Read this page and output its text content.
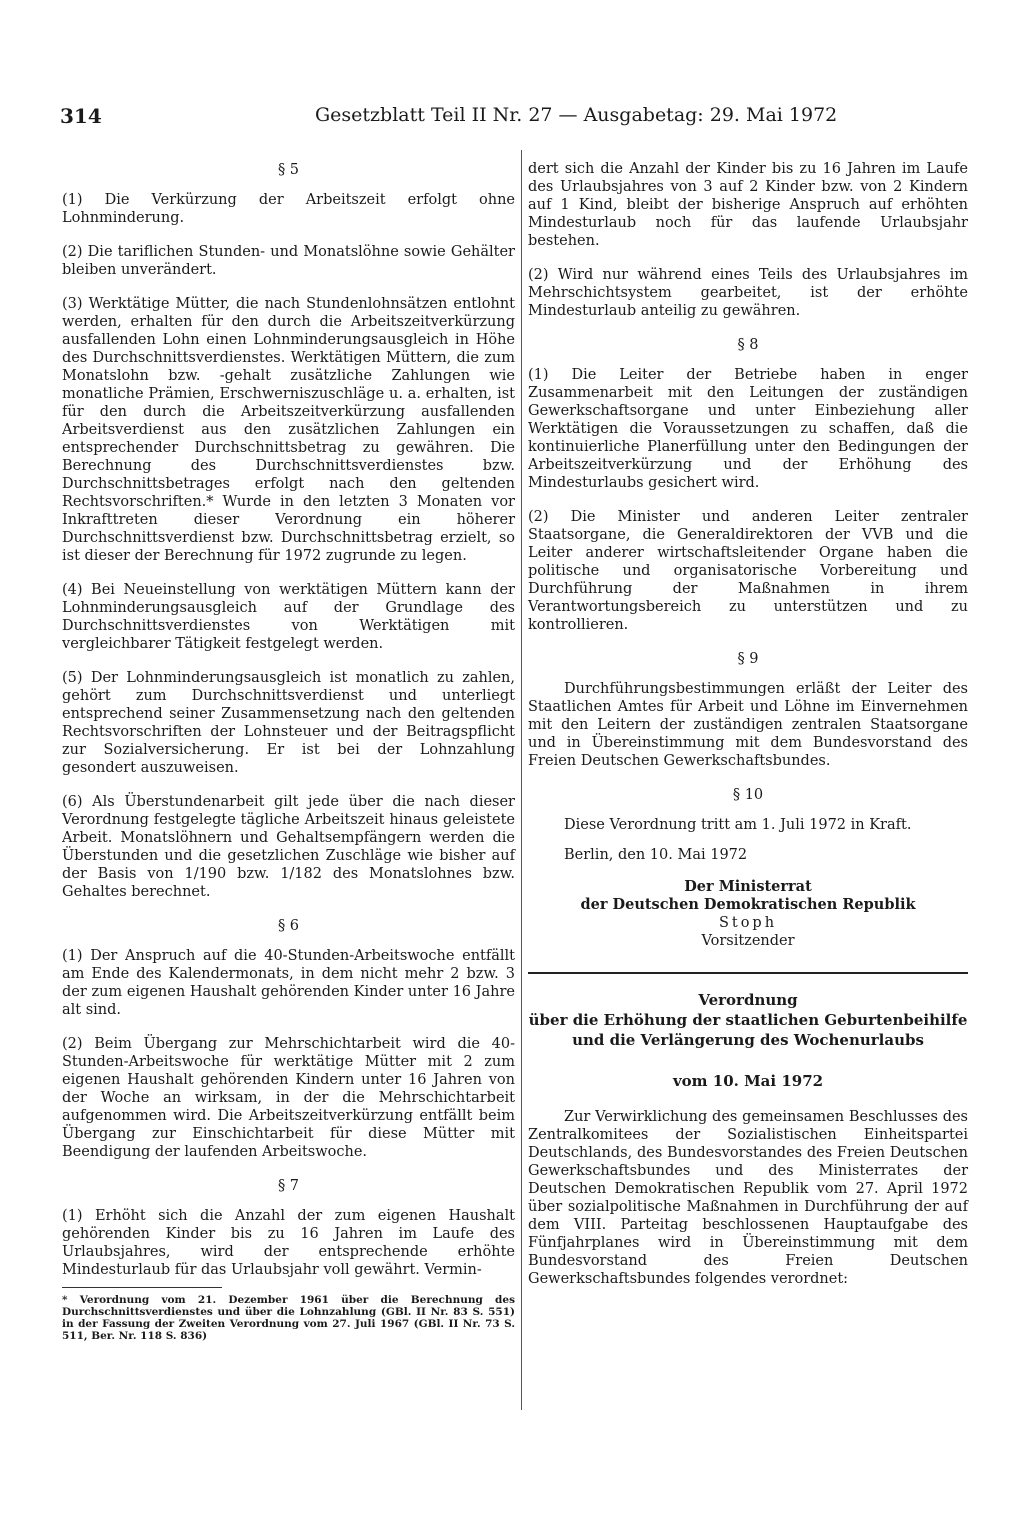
314	Gesetzblatt Teil II Nr. 27 — Ausgabetag: 29. Mai 1972
§ 5

(1) Die Verkürzung der Arbeitszeit erfolgt ohne Lohnminderung.

(2) Die tariflichen Stunden- und Monatslöhne sowie Gehälter bleiben unverändert.

(3) Werktätige Mütter, die nach Stundenlohnsätzen entlohnt werden, erhalten für den durch die Arbeitszeitverkürzung ausfallenden Lohn einen Lohnminderungsausgleich in Höhe des Durchschnittsverdienstes. Werktätigen Müttern, die zum Monatslohn bzw. -gehalt zusätzliche Zahlungen wie monatliche Prämien, Erschwerniszuschläge u. a. erhalten, ist für den durch die Arbeitszeitverkürzung ausfallenden Arbeitsverdienst aus den zusätzlichen Zahlungen ein entsprechender Durchschnittsbetrag zu gewähren. Die Berechnung des Durchschnittsverdienstes bzw. Durchschnittsbetrages erfolgt nach den geltenden Rechtsvorschriften.* Wurde in den letzten 3 Monaten vor Inkrafttreten dieser Verordnung ein höherer Durchschnittsverdienst bzw. Durchschnittsbetrag erzielt, so ist dieser der Berechnung für 1972 zugrunde zu legen.

(4) Bei Neueinstellung von werktätigen Müttern kann der Lohnminderungsausgleich auf der Grundlage des Durchschnittsverdienstes von Werktätigen mit vergleichbarer Tätigkeit festgelegt werden.

(5) Der Lohnminderungsausgleich ist monatlich zu zahlen, gehört zum Durchschnittsverdienst und unterliegt entsprechend seiner Zusammensetzung nach den geltenden Rechtsvorschriften der Lohnsteuer und der Beitragspflicht zur Sozialversicherung. Er ist bei der Lohnzahlung gesondert auszuweisen.

(6) Als Überstundenarbeit gilt jede über die nach dieser Verordnung festgelegte tägliche Arbeitszeit hinaus geleistete Arbeit. Monatslöhnern und Gehaltsempfängern werden die Überstunden und die gesetzlichen Zuschläge wie bisher auf der Basis von 1/190 bzw. 1/182 des Monatslohnes bzw. Gehaltes berechnet.

§ 6

(1) Der Anspruch auf die 40-Stunden-Arbeitswoche entfällt am Ende des Kalendermonats, in dem nicht mehr 2 bzw. 3 der zum eigenen Haushalt gehörenden Kinder unter 16 Jahre alt sind.

(2) Beim Übergang zur Mehrschichtarbeit wird die 40-Stunden-Arbeitswoche für werktätige Mütter mit 2 zum eigenen Haushalt gehörenden Kindern unter 16 Jahren von der Woche an wirksam, in der die Mehrschichtarbeit aufgenommen wird. Die Arbeitszeitverkürzung entfällt beim Übergang zur Einschichtarbeit für diese Mütter mit Beendigung der laufenden Arbeitswoche.

§ 7

(1) Erhöht sich die Anzahl der zum eigenen Haushalt gehörenden Kinder bis zu 16 Jahren im Laufe des Urlaubsjahres, wird der entsprechende erhöhte Mindesturlaub für das Urlaubsjahr voll gewährt. Vermin-

* Verordnung vom 21. Dezember 1961 über die Berechnung des Durchschnittsverdienstes und über die Lohnzahlung (GBl. II Nr. 83 S. 551) in der Fassung der Zweiten Verordnung vom 27. Juli 1967 (GBl. II Nr. 73 S. 511, Ber. Nr. 118 S. 836)

dert sich die Anzahl der Kinder bis zu 16 Jahren im Laufe des Urlaubsjahres von 3 auf 2 Kinder bzw. von 2 Kindern auf 1 Kind, bleibt der bisherige Anspruch auf erhöhten Mindesturlaub noch für das laufende Urlaubsjahr bestehen.

(2) Wird nur während eines Teils des Urlaubsjahres im Mehrschichtsystem gearbeitet, ist der erhöhte Mindesturlaub anteilig zu gewähren.

§ 8

(1) Die Leiter der Betriebe haben in enger Zusammenarbeit mit den Leitungen der zuständigen Gewerkschaftsorgane und unter Einbeziehung aller Werktätigen die Voraussetzungen zu schaffen, daß die kontinuierliche Planerfüllung unter den Bedingungen der Arbeitszeitverkürzung und der Erhöhung des Mindesturlaubs gesichert wird.

(2) Die Minister und anderen Leiter zentraler Staatsorgane, die Generaldirektoren der VVB und die Leiter anderer wirtschaftsleitender Organe haben die politische und organisatorische Vorbereitung und Durchführung der Maßnahmen in ihrem Verantwortungsbereich zu unterstützen und zu kontrollieren.

§ 9

Durchführungsbestimmungen erläßt der Leiter des Staatlichen Amtes für Arbeit und Löhne im Einvernehmen mit den Leitern der zuständigen zentralen Staatsorgane und in Übereinstimmung mit dem Bundesvorstand des Freien Deutschen Gewerkschaftsbundes.

§ 10

Diese Verordnung tritt am 1. Juli 1972 in Kraft.

Berlin, den 10. Mai 1972

Der Ministerrat

der Deutschen Demokratischen Republik

Stoph

Vorsitzender

Verordnung
über die Erhöhung der staatlichen Geburtenbeihilfe
und die Verlängerung des Wochenurlaubs

vom 10. Mai 1972

Zur Verwirklichung des gemeinsamen Beschlusses des Zentralkomitees der Sozialistischen Einheitspartei Deutschlands, des Bundesvorstandes des Freien Deutschen Gewerkschaftsbundes und des Ministerrates der Deutschen Demokratischen Republik vom 27. April 1972 über sozialpolitische Maßnahmen in Durchführung der auf dem VIII. Parteitag beschlossenen Hauptaufgabe des Fünfjahrplanes wird in Übereinstimmung mit dem Bundesvorstand des Freien Deutschen Gewerkschaftsbundes folgendes verordnet:
